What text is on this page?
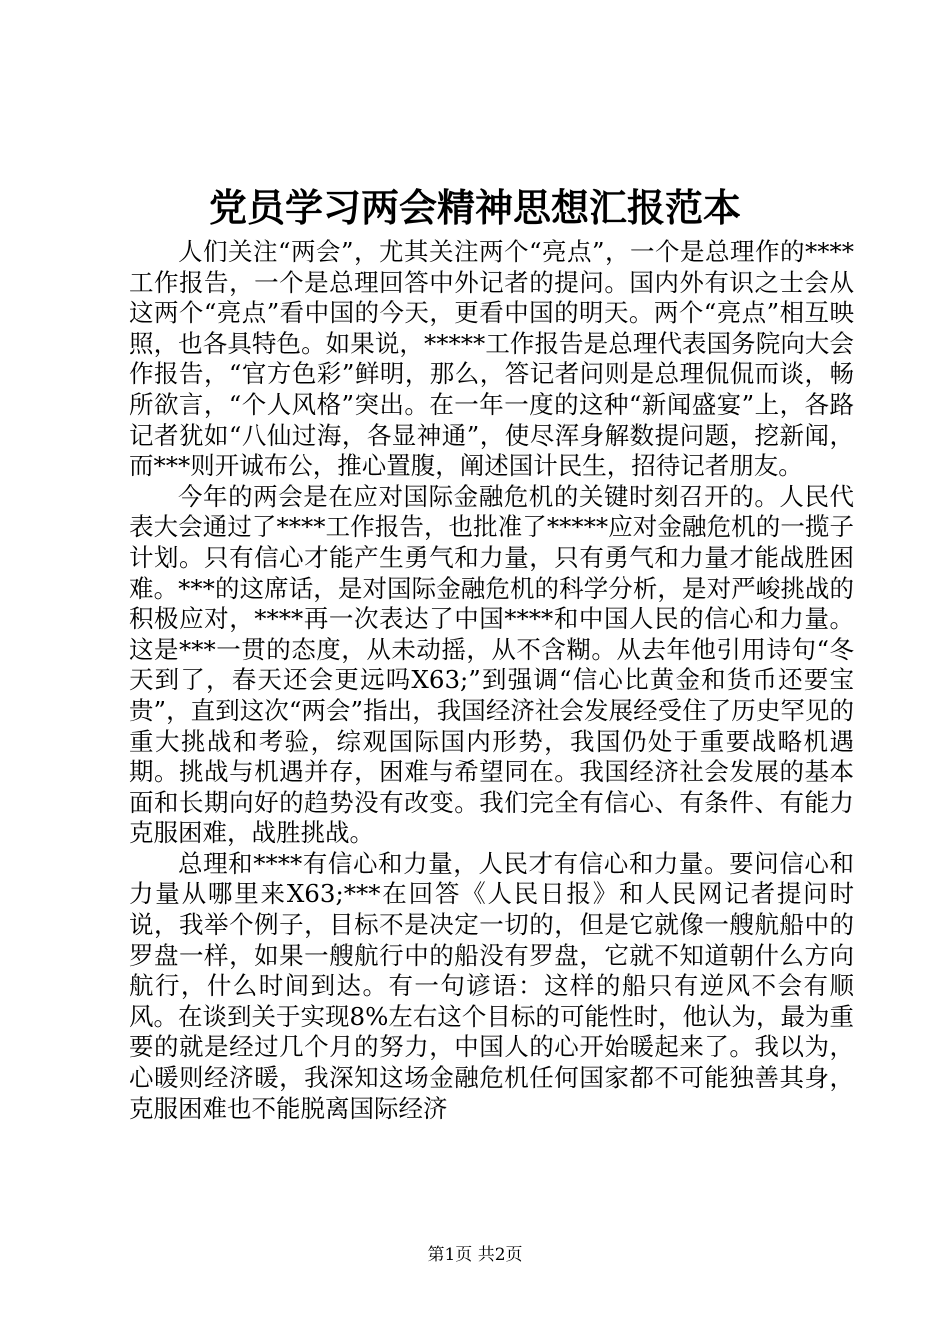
党员学习两会精神思想汇报范本

人们关注“两会”，尤其关注两个“亮点”，一个是总理作的****工作报告，一个是总理回答中外记者的提问。国内外有识之士会从这两个“亮点”看中国的今天，更看中国的明天。两个“亮点”相互映照，也各具特色。如果说，*****工作报告是总理代表国务院向大会作报告，“官方色彩”鲜明，那么，答记者问则是总理侃侃而谈，畅所欲言，“个人风格”突出。在一年一度的这种“新闻盛宴”上，各路记者犹如“八仙过海，各显神通”，使尽浑身解数提问题，挖新闻，而***则开诚布公，推心置腹，阐述国计民生，招待记者朋友。

今年的两会是在应对国际金融危机的关键时刻召开的。人民代表大会通过了****工作报告，也批准了*****应对金融危机的一揽子计划。只有信心才能产生勇气和力量，只有勇气和力量才能战胜困难。***的这席话，是对国际金融危机的科学分析，是对严峻挑战的积极应对，****再一次表达了中国****和中国人民的信心和力量。这是***一贯的态度，从未动摇，从不含糊。从去年他引用诗句“冬天到了，春天还会更远吗X63;”到强调“信心比黄金和货币还要宝贵”，直到这次“两会”指出，我国经济社会发展经受住了历史罕见的重大挑战和考验，综观国际国内形势，我国仍处于重要战略机遇期。挑战与机遇并存，困难与希望同在。我国经济社会发展的基本面和长期向好的趋势没有改变。我们完全有信心、有条件、有能力克服困难，战胜挑战。

总理和****有信心和力量，人民才有信心和力量。要问信心和力量从哪里来X63;***在回答《人民日报》和人民网记者提问时说，我举个例子，目标不是决定一切的，但是它就像一艘航船中的罗盘一样，如果一艘航行中的船没有罗盘，它就不知道朝什么方向航行，什么时间到达。有一句谚语：这样的船只有逆风不会有顺风。在谈到关于实现8%左右这个目标的可能性时，他认为，最为重要的就是经过几个月的努力，中国人的心开始暖起来了。我以为，心暖则经济暖，我深知这场金融危机任何国家都不可能独善其身，克服困难也不能脱离国际经济

第1页 共2页
